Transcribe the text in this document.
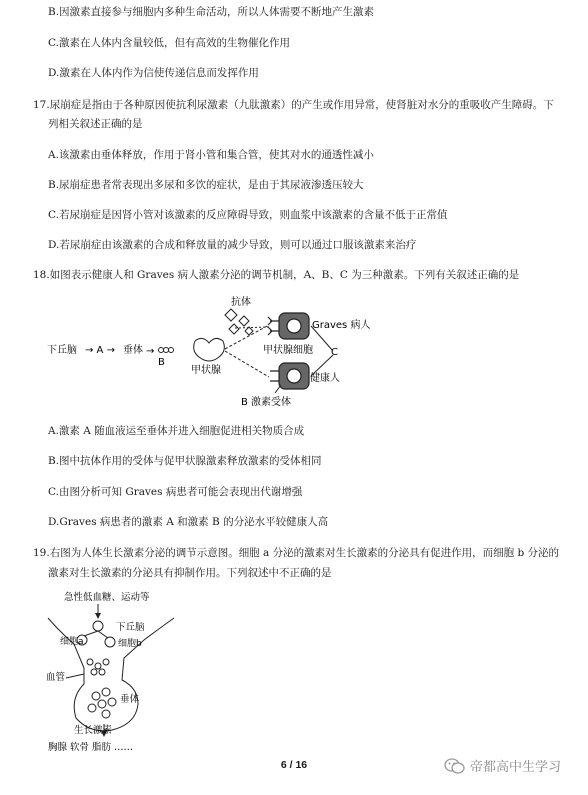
B.因激素直接参与细胞内多种生命活动，所以人体需要不断地产生激素
C.激素在人体内含量较低，但有高效的生物催化作用
D.激素在人体内作为信使传递信息而发挥作用
17.尿崩症是指由于各种原因使抗利尿激素（九肽激素）的产生或作用异常，使肾脏对水分的重吸收产生障碍。下
列相关叙述正确的是
A.该激素由垂体释放，作用于肾小管和集合管，使其对水的通透性减小
B.尿崩症患者常表现出多尿和多饮的症状，是由于其尿液渗透压较大
C.若尿崩症是因肾小管对该激素的反应障碍导致，则血浆中该激素的含量不低于正常值
D.若尿崩症由该激素的合成和释放量的减少导致，则可以通过口服该激素来治疗
18.如图表示健康人和 Graves 病人激素分泌的调节机制，A、B、C 为三种激素。下列有关叙述正确的是
抗体
Graves 病人
甲状腺细胞
健康人
C
下丘脑 → A → 垂体 →
B
甲状腺
B 激素受体
A.激素 A 随血液运至垂体并进入细胞促进相关物质合成
B.图中抗体作用的受体与促甲状腺激素释放激素的受体相同
C.由图分析可知 Graves 病患者可能会表现出代谢增强
D.Graves 病患者的激素 A 和激素 B 的分泌水平较健康人高
19.右图为人体生长激素分泌的调节示意图。细胞 a 分泌的激素对生长激素的分泌具有促进作用，而细胞 b 分泌的
激素对生长激素的分泌具有抑制作用。下列叙述中不正确的是
急性低血糖、运动等
下丘脑
细胞a	细胞b
血管
垂体
生长激素
胸腺 软骨 脂肪 ……
6 / 16	帝都高中生学习
